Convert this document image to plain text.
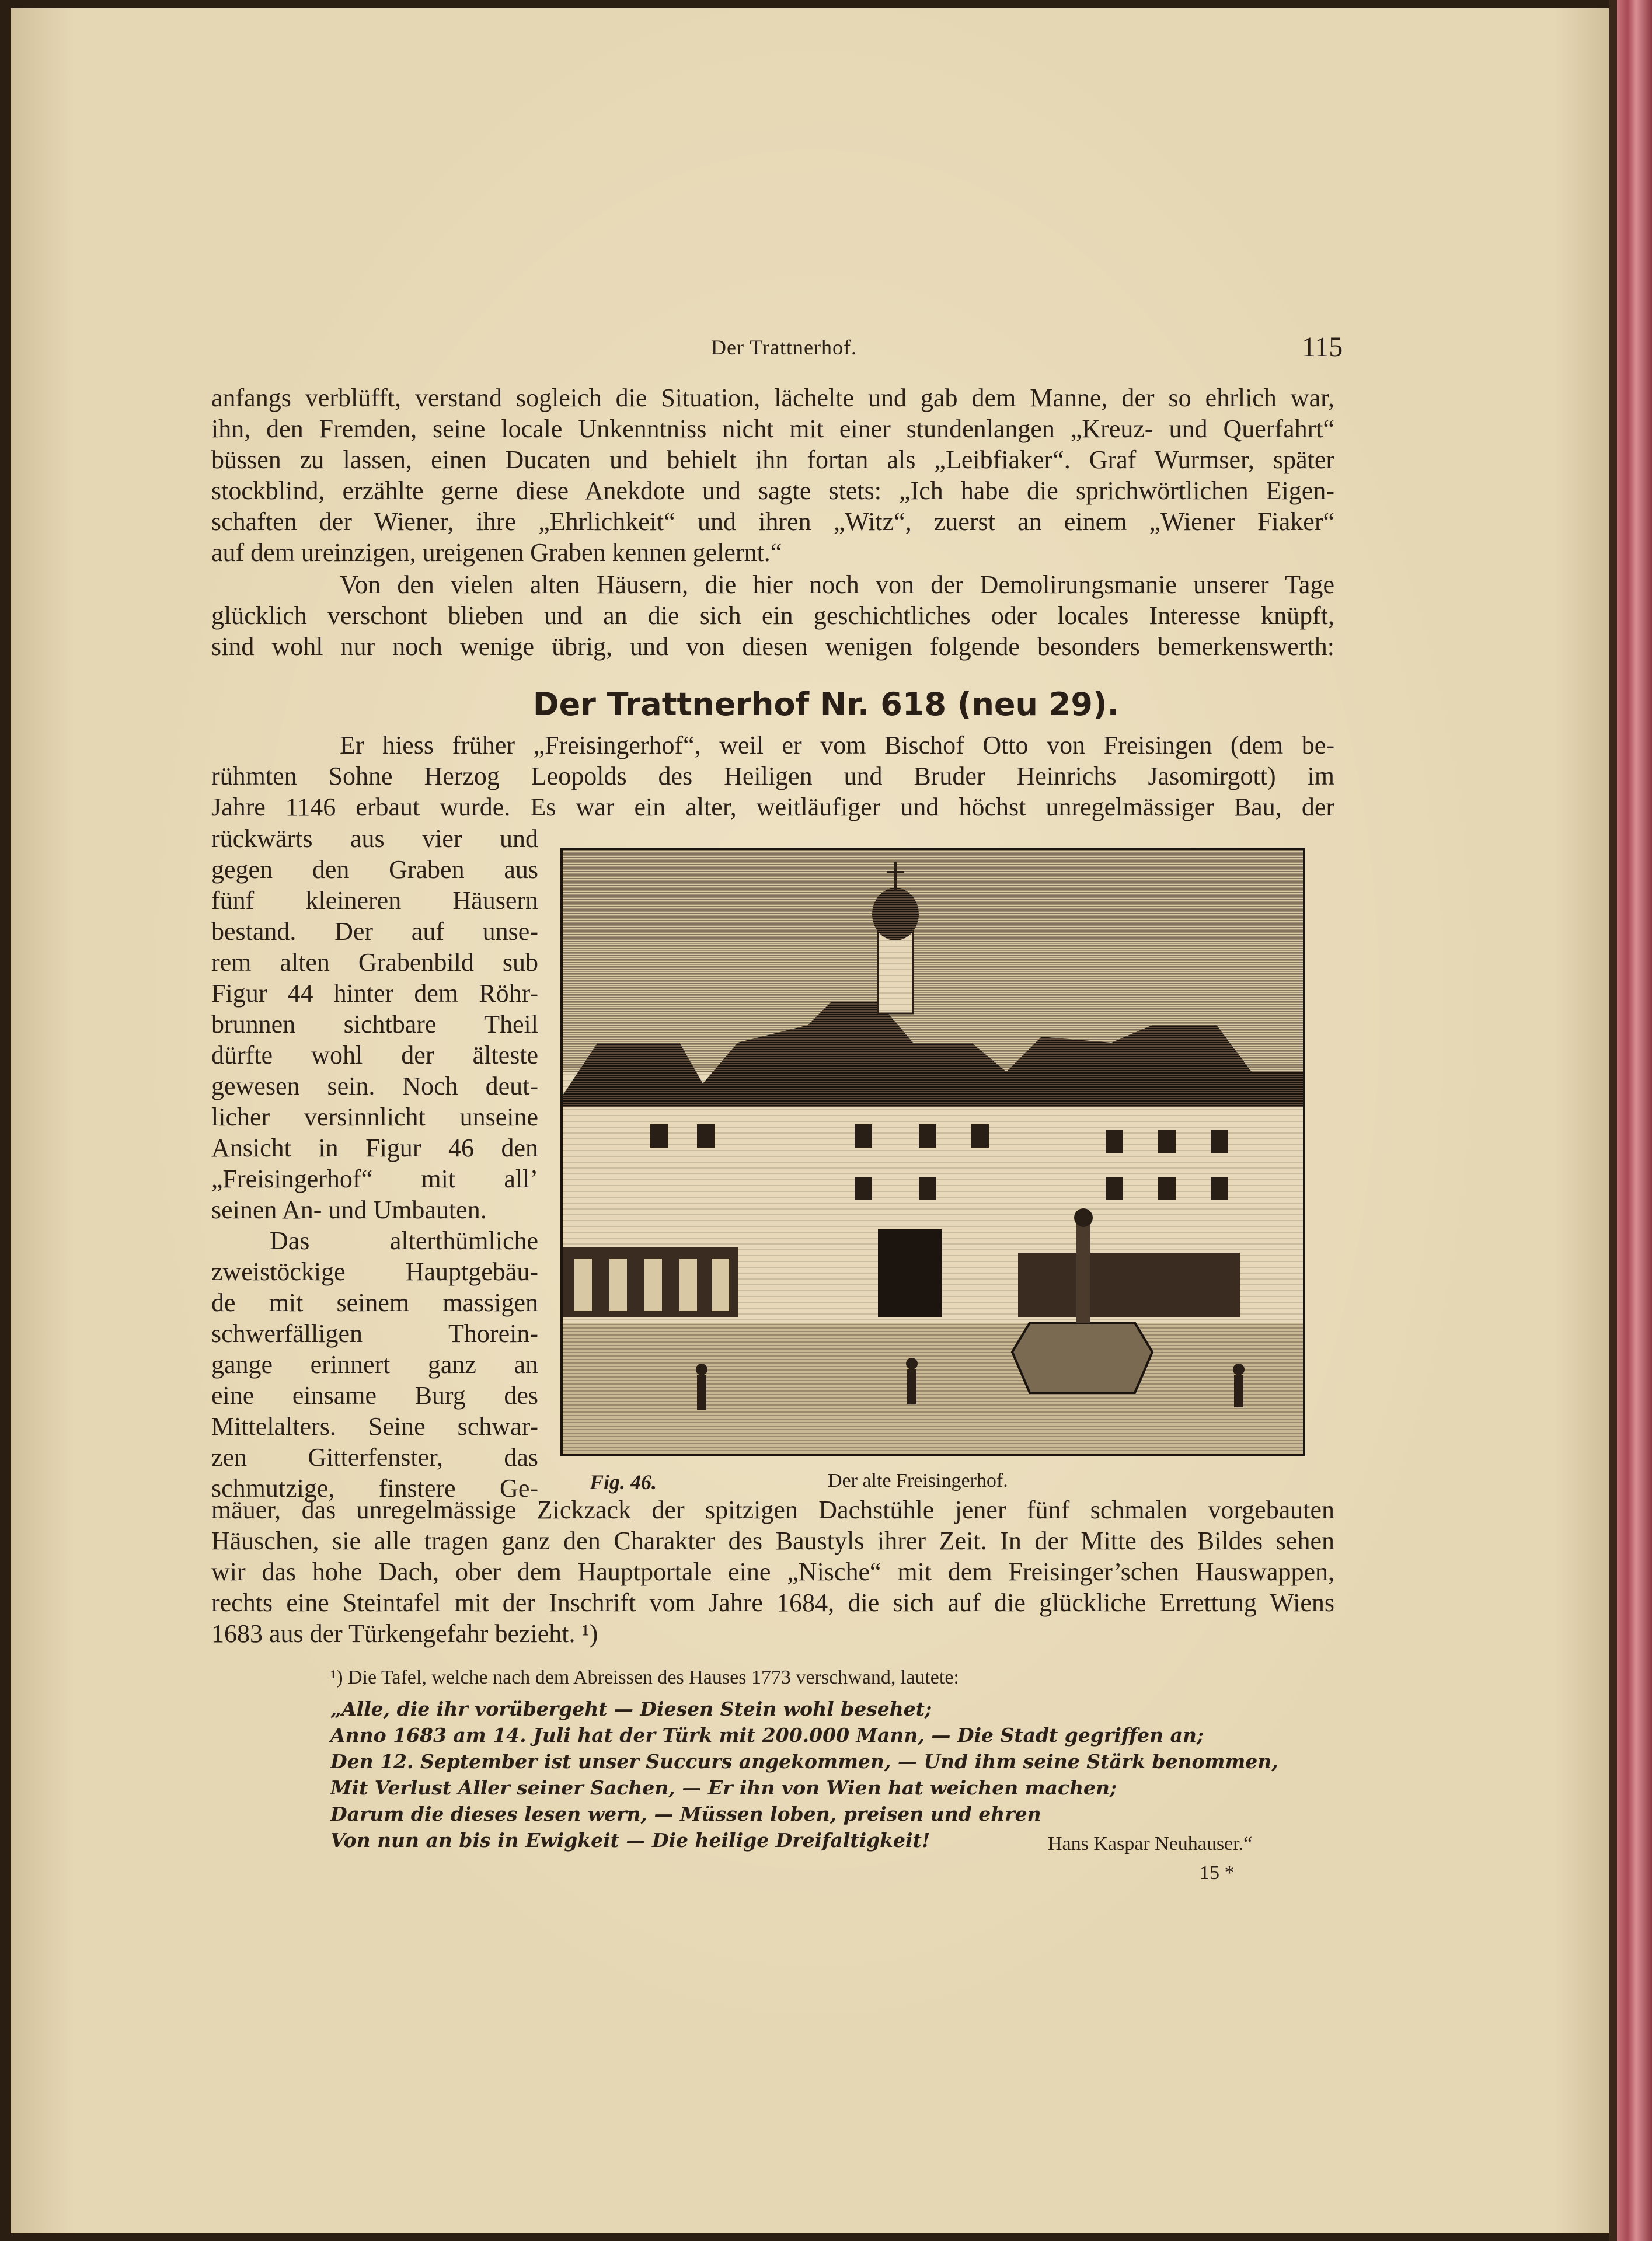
Der Trattnerhof.	115

anfangs verblüfft, verstand sogleich die Situation, lächelte und gab dem Manne, der so ehrlich war,

ihn, den Fremden, seine locale Unkenntniss nicht mit einer stundenlangen „Kreuz- und Querfahrt“

büssen zu lassen, einen Ducaten und behielt ihn fortan als „Leibfiaker“. Graf Wurmser, später

stockblind, erzählte gerne diese Anekdote und sagte stets: „Ich habe die sprichwörtlichen Eigen-

schaften der Wiener, ihre „Ehrlichkeit“ und ihren „Witz“, zuerst an einem „Wiener Fiaker“

auf dem ureinzigen, ureigenen Graben kennen gelernt.“

Von den vielen alten Häusern, die hier noch von der Demolirungsmanie unserer Tage

glücklich verschont blieben und an die sich ein geschichtliches oder locales Interesse knüpft,

sind wohl nur noch wenige übrig, und von diesen wenigen folgende besonders bemerkenswerth:

Der Trattnerhof Nr. 618 (neu 29).

Er hiess früher „Freisingerhof“, weil er vom Bischof Otto von Freisingen (dem be-

rühmten Sohne Herzog Leopolds des Heiligen und Bruder Heinrichs Jasomirgott) im

Jahre 1146 erbaut wurde. Es war ein alter, weitläufiger und höchst unregelmässiger Bau, der

rückwärts aus vier und

gegen den Graben aus

fünf kleineren Häusern

bestand. Der auf unse-

rem alten Grabenbild sub

Figur 44 hinter dem Röhr-

brunnen sichtbare Theil

dürfte wohl der älteste

gewesen sein. Noch deut-

licher versinnlicht unseine

Ansicht in Figur 46 den

„Freisingerhof“ mit all’

seinen An- und Umbauten.

Das alterthümliche

zweistöckige Hauptgebäu-

de mit seinem massigen

schwerfälligen Thorein-

gange erinnert ganz an

eine einsame Burg des

Mittelalters. Seine schwar-

zen Gitterfenster, das

schmutzige, finstere Ge- Fig. 46.	Der alte Freisingerhof.

mäuer, das unregelmässige Zickzack der spitzigen Dachstühle jener fünf schmalen vorgebauten

Häuschen, sie alle tragen ganz den Charakter des Baustyls ihrer Zeit. In der Mitte des Bildes sehen

wir das hohe Dach, ober dem Hauptportale eine „Nische“ mit dem Freisinger’schen Hauswappen,

rechts eine Steintafel mit der Inschrift vom Jahre 1684, die sich auf die glückliche Errettung Wiens

1683 aus der Türkengefahr bezieht. ¹)

¹) Die Tafel, welche nach dem Abreissen des Hauses 1773 verschwand, lautete:
„Alle, die ihr vorübergeht — Diesen Stein wohl besehet;
Anno 1683 am 14. Juli hat der Türk mit 200.000 Mann, — Die Stadt gegriffen an;
Den 12. September ist unser Succurs angekommen, — Und ihm seine Stärk benommen,
Mit Verlust Aller seiner Sachen, — Er ihn von Wien hat weichen machen;
Darum die dieses lesen wern, — Müssen loben, preisen und ehren
Von nun an bis in Ewigkeit — Die heilige Dreifaltigkeit!	Hans Kaspar Neuhauser.“
15 *
